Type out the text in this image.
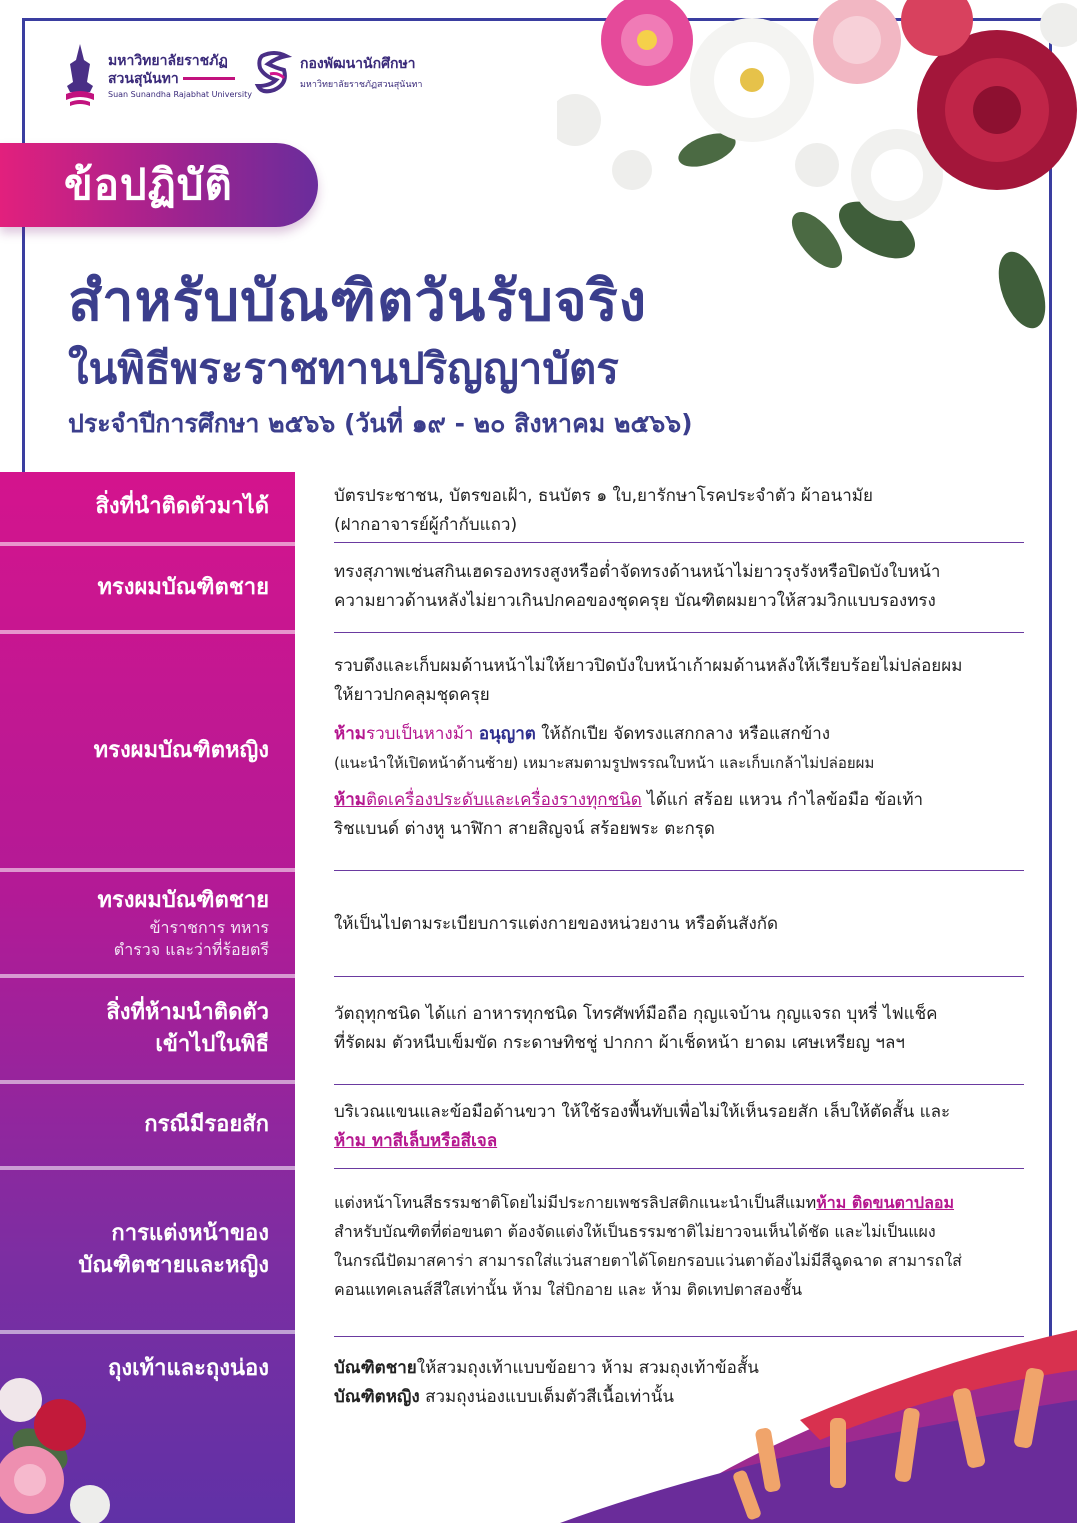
มหาวิทยาลัยราชภัฏ
สวนสุนันทา
Suan Sunandha Rajabhat University
กองพัฒนานักศึกษา
มหาวิทยาลัยราชภัฏสวนสุนันทา
ข้อปฏิบัติ
สำหรับบัณฑิตวันรับจริง
ในพิธีพระราชทานปริญญาบัตร
ประจำปีการศึกษา ๒๕๖๖ (วันที่ ๑๙ - ๒๐ สิงหาคม ๒๕๖๖)
สิ่งที่นำติดตัวมาได้
ทรงผมบัณฑิตชาย
ทรงผมบัณฑิตหญิง
ทรงผมบัณฑิตชาย
ข้าราชการ ทหาร
ตำรวจ และว่าที่ร้อยตรี
สิ่งที่ห้ามนำติดตัว
เข้าไปในพิธี
กรณีมีรอยสัก
การแต่งหน้าของ
บัณฑิตชายและหญิง
ถุงเท้าและถุงน่อง
บัตรประชาชน, บัตรขอเฝ้า, ธนบัตร ๑ ใบ,ยารักษาโรคประจำตัว ผ้าอนามัย
(ฝากอาจารย์ผู้กำกับแถว)
ทรงสุภาพเช่นสกินเฮดรองทรงสูงหรือต่ำจัดทรงด้านหน้าไม่ยาวรุงรังหรือปิดบังใบหน้า
ความยาวด้านหลังไม่ยาวเกินปกคอของชุดครุย บัณฑิตผมยาวให้สวมวิกแบบรองทรง
รวบตึงและเก็บผมด้านหน้าไม่ให้ยาวปิดบังใบหน้าเก้าผมด้านหลังให้เรียบร้อยไม่ปล่อยผม
ให้ยาวปกคลุมชุดครุย
ห้ามรวบเป็นหางม้า อนุญาต ให้ถักเปีย จัดทรงแสกกลาง หรือแสกข้าง
(แนะนำให้เปิดหน้าด้านซ้าย) เหมาะสมตามรูปพรรณใบหน้า และเก็บเกล้าไม่ปล่อยผม
ห้ามติดเครื่องประดับและเครื่องรางทุกชนิด ได้แก่ สร้อย แหวน กำไลข้อมือ ข้อเท้า
ริชแบนด์ ต่างหู นาฬิกา สายสิญจน์ สร้อยพระ ตะกรุด
ให้เป็นไปตามระเบียบการแต่งกายของหน่วยงาน หรือต้นสังกัด
วัตถุทุกชนิด ได้แก่ อาหารทุกชนิด โทรศัพท์มือถือ กุญแจบ้าน กุญแจรถ บุหรี่ ไฟแช็ค
ที่รัดผม ตัวหนีบเข็มขัด กระดาษทิชชู่ ปากกา ผ้าเช็ดหน้า ยาดม เศษเหรียญ ฯลฯ
บริเวณแขนและข้อมือด้านขวา ให้ใช้รองพื้นทับเพื่อไม่ให้เห็นรอยสัก เล็บให้ตัดสั้น และ
ห้าม ทาสีเล็บหรือสีเจล
แต่งหน้าโทนสีธรรมชาติโดยไม่มีประกายเพชรลิปสติกแนะนำเป็นสีแมทห้าม ติดขนตาปลอม
สำหรับบัณฑิตที่ต่อขนตา ต้องจัดแต่งให้เป็นธรรมชาติไม่ยาวจนเห็นได้ชัด และไม่เป็นแผง
ในกรณีปัดมาสคาร่า สามารถใส่แว่นสายตาได้โดยกรอบแว่นตาต้องไม่มีสีฉูดฉาด สามารถใส่
คอนแทคเลนส์สีใสเท่านั้น ห้าม ใส่บิกอาย และ ห้าม ติดเทปตาสองชั้น
บัณฑิตชายให้สวมถุงเท้าแบบข้อยาว ห้าม สวมถุงเท้าข้อสั้น
บัณฑิตหญิง สวมถุงน่องแบบเต็มตัวสีเนื้อเท่านั้น
